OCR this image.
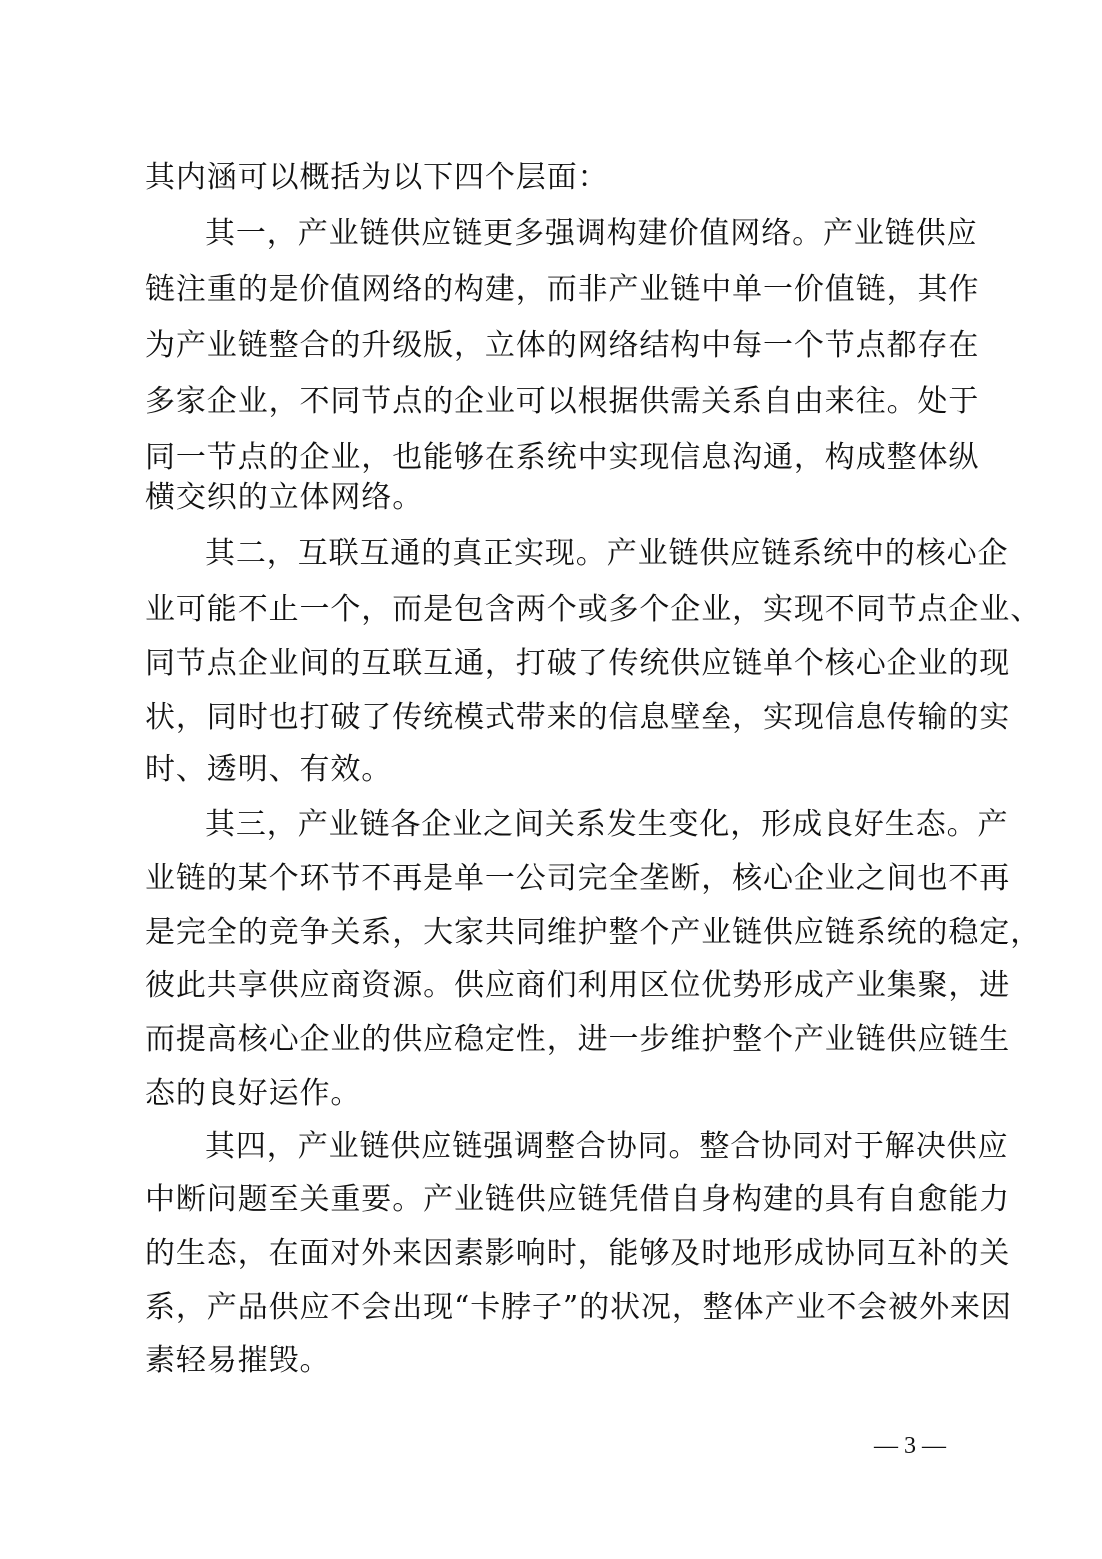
其内涵可以概括为以下四个层面：
其一，产业链供应链更多强调构建价值网络。产业链供应
链注重的是价值网络的构建，而非产业链中单一价值链，其作
为产业链整合的升级版，立体的网络结构中每一个节点都存在
多家企业，不同节点的企业可以根据供需关系自由来往。处于
同一节点的企业，也能够在系统中实现信息沟通，构成整体纵
横交织的立体网络。
其二，互联互通的真正实现。产业链供应链系统中的核心企
业可能不止一个，而是包含两个或多个企业，实现不同节点企业、
同节点企业间的互联互通，打破了传统供应链单个核心企业的现
状，同时也打破了传统模式带来的信息壁垒，实现信息传输的实
时、透明、有效。
其三，产业链各企业之间关系发生变化，形成良好生态。产
业链的某个环节不再是单一公司完全垄断，核心企业之间也不再
是完全的竞争关系，大家共同维护整个产业链供应链系统的稳定，
彼此共享供应商资源。供应商们利用区位优势形成产业集聚，进
而提高核心企业的供应稳定性，进一步维护整个产业链供应链生
态的良好运作。
其四，产业链供应链强调整合协同。整合协同对于解决供应
中断问题至关重要。产业链供应链凭借自身构建的具有自愈能力
的生态，在面对外来因素影响时，能够及时地形成协同互补的关
系，产品供应不会出现“卡脖子”的状况，整体产业不会被外来因
素轻易摧毁。
— 3 —
